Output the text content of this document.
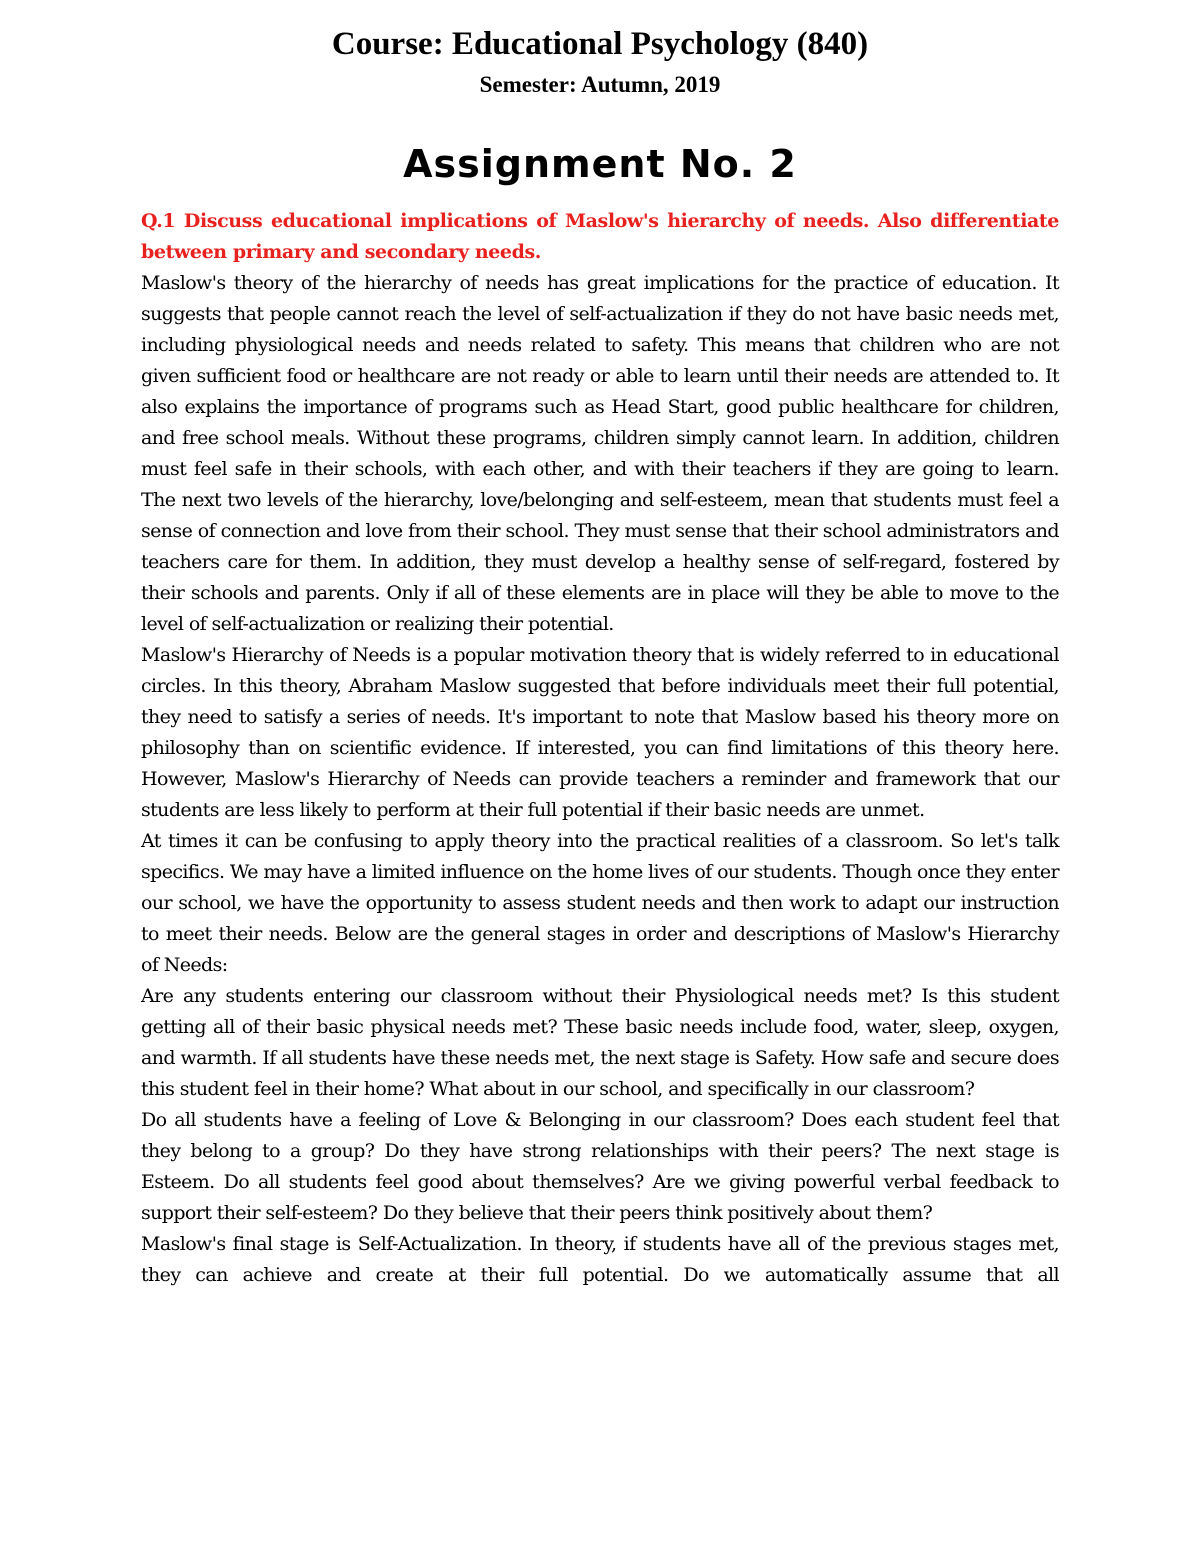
Course: Educational Psychology (840)
Semester: Autumn, 2019
Assignment No. 2

Q.1 Discuss educational implications of Maslow's hierarchy of needs. Also differentiate between primary and secondary needs.

Maslow's theory of the hierarchy of needs has great implications for the practice of education. It suggests that people cannot reach the level of self-actualization if they do not have basic needs met, including physiological needs and needs related to safety. This means that children who are not given sufficient food or healthcare are not ready or able to learn until their needs are attended to. It also explains the importance of programs such as Head Start, good public healthcare for children, and free school meals. Without these programs, children simply cannot learn. In addition, children must feel safe in their schools, with each other, and with their teachers if they are going to learn. The next two levels of the hierarchy, love/belonging and self-esteem, mean that students must feel a sense of connection and love from their school. They must sense that their school administrators and teachers care for them. In addition, they must develop a healthy sense of self-regard, fostered by their schools and parents. Only if all of these elements are in place will they be able to move to the level of self-actualization or realizing their potential.

Maslow's Hierarchy of Needs is a popular motivation theory that is widely referred to in educational circles. In this theory, Abraham Maslow suggested that before individuals meet their full potential, they need to satisfy a series of needs. It's important to note that Maslow based his theory more on philosophy than on scientific evidence. If interested, you can find limitations of this theory here. However, Maslow's Hierarchy of Needs can provide teachers a reminder and framework that our students are less likely to perform at their full potential if their basic needs are unmet.

At times it can be confusing to apply theory into the practical realities of a classroom. So let's talk specifics. We may have a limited influence on the home lives of our students. Though once they enter our school, we have the opportunity to assess student needs and then work to adapt our instruction to meet their needs. Below are the general stages in order and descriptions of Maslow's Hierarchy of Needs:

Are any students entering our classroom without their Physiological needs met? Is this student getting all of their basic physical needs met? These basic needs include food, water, sleep, oxygen, and warmth. If all students have these needs met, the next stage is Safety. How safe and secure does this student feel in their home? What about in our school, and specifically in our classroom?

Do all students have a feeling of Love & Belonging in our classroom? Does each student feel that they belong to a group? Do they have strong relationships with their peers? The next stage is Esteem. Do all students feel good about themselves? Are we giving powerful verbal feedback to support their self-esteem? Do they believe that their peers think positively about them?

Maslow's final stage is Self-Actualization. In theory, if students have all of the previous stages met, they can achieve and create at their full potential. Do we automatically assume that all
